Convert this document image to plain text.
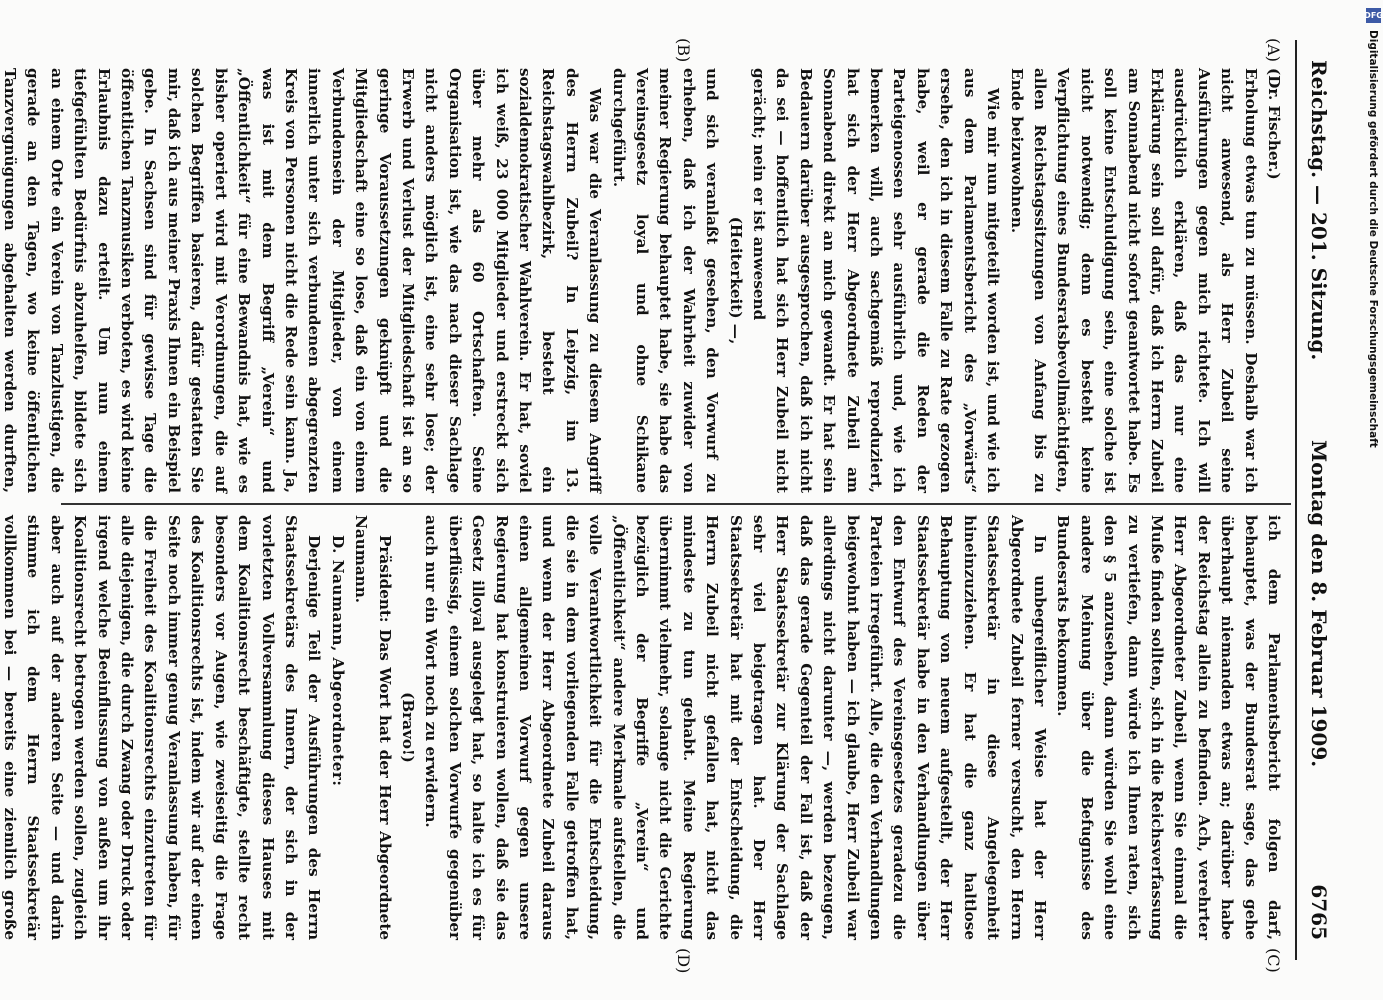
Reichstag. — 201. Sitzung.
Montag den 8. Februar 1909.
6765
(A)
(B)
(C)
(D)

(Dr. Fischer.)

Erholung etwas tun zu müssen. Deshalb war ich nicht anwesend, als Herr Zubeil seine Ausführungen gegen mich richtete. Ich will ausdrücklich erklären, daß das nur eine Erklärung sein soll dafür, daß ich Herrn Zubeil am Sonnabend nicht sofort geantwortet habe. Es soll keine Entschuldigung sein, eine solche ist nicht notwendig; denn es besteht keine Verpflichtung eines Bundesratsbevollmächtigten, allen Reichstagssitzungen von Anfang bis zu Ende beizuwohnen.

Wie mir nun mitgeteilt worden ist, und wie ich aus dem Parlamentsbericht des „Vorwärts“ ersehe, den ich in diesem Falle zu Rate gezogen habe, weil er gerade die Reden der Parteigenossen sehr ausführlich und, wie ich bemerken will, auch sachgemäß reproduziert, hat sich der Herr Abgeordnete Zubeil am Sonnabend direkt an mich gewandt. Er hat sein Bedauern darüber ausgesprochen, daß ich nicht da sei — hoffentlich hat sich Herr Zubeil nicht gerächt; nein er ist anwesend

(Heiterkeit) —,

und sich veranlaßt gesehen, den Vorwurf zu erheben, daß ich der Wahrheit zuwider von meiner Regierung behauptet habe, sie habe das Vereinsgesetz loyal und ohne Schikane durchgeführt.

Was war die Veranlassung zu diesem Angriff des Herrn Zubeil? In Leipzig, im 13. Reichstagswahlbezirk, besteht ein sozialdemokratischer Wahlverein. Er hat, soviel ich weiß, 23 000 Mitglieder und erstreckt sich über mehr als 60 Ortschaften. Seine Organisation ist, wie das nach dieser Sachlage nicht anders möglich ist, eine sehr lose; der Erwerb und Verlust der Mitgliedschaft ist an so geringe Voraussetzungen geknüpft und die Mitgliedschaft eine so lose, daß ein von einem Verbundensein der Mitglieder, von einem innerlich unter sich verbundenen abgegrenzten Kreis von Personen nicht die Rede sein kann. Ja, was ist mit dem Begriff „Verein“ und „Öffentlichkeit“ für eine Bewandnis hat, wie es bisher operiert wird mit Verordnungen, die auf solchen Begriffen basieren, dafür gestatten Sie mir, daß ich aus meiner Praxis Ihnen ein Beispiel gebe. In Sachsen sind für gewisse Tage die öffentlichen Tanzmusiken verboten, es wird keine Erlaubnis dazu erteilt. Um nun einem tiefgefühlten Bedürfnis abzuhelfen, bildete sich an einem Orte ein Verein von Tanzlustigen, die gerade an den Tagen, wo keine öffentlichen Tanzvergnügungen abgehalten werden durften,

ich dem Parlamentsbericht folgen darf, behauptet, was der Bundesrat sage, das gehe überhaupt niemanden etwas an; darüber habe der Reichstag allein zu befinden. Ach, verehrter Herr Abgeordneter Zubeil, wenn Sie einmal die Muße finden sollten, sich in die Reichsverfassung zu vertiefen, dann würde ich Ihnen raten, sich den § 5 anzusehen, dann würden Sie wohl eine andere Meinung über die Befugnisse des Bundesrats bekommen.

In unbegreiflicher Weise hat der Herr Abgeordnete Zubeil ferner versucht, den Herrn Staatssekretär in diese Angelegenheit hineinzuziehen. Er hat die ganz haltlose Behauptung von neuem aufgestellt, der Herr Staatssekretär habe in den Verhandlungen über den Entwurf des Vereinsgesetzes geradezu die Parteien irregeführt. Alle, die den Verhandlungen beigewohnt haben — ich glaube, Herr Zubeil war allerdings nicht darunter —, werden bezeugen, daß das gerade Gegenteil der Fall ist, daß der Herr Staatssekretär zur Klärung der Sachlage sehr viel beigetragen hat. Der Herr Staatssekretär hat mit der Entscheidung, die Herrn Zubeil nicht gefallen hat, nicht das mindeste zu tun gehabt. Meine Regierung übernimmt vielmehr, solange nicht die Gerichte bezüglich der Begriffe „Verein“ und „Öffentlichkeit“ andere Merkmale aufstellen, die volle Verantwortlichkeit für die Entscheidung, die sie in dem vorliegenden Falle getroffen hat, und wenn der Herr Abgeordnete Zubeil daraus einen allgemeinen Vorwurf gegen unsere Regierung hat konstruieren wollen, daß sie das Gesetz illoyal ausgelegt hat, so halte ich es für überflüssig, einem solchen Vorwurfe gegenüber auch nur ein Wort noch zu erwidern.

(Bravo!)

Präsident: Das Wort hat der Herr Abgeordnete Naumann.

D. Naumann, Abgeordneter:

Derjenige Teil der Ausführungen des Herrn Staatssekretärs des Innern, der sich in der vorletzten Vollversammlung dieses Hauses mit dem Koalitionsrecht beschäftigte, stellte recht besonders vor Augen, wie zweiseitig die Frage des Koalitionsrechts ist, indem wir auf der einen Seite noch immer genug Veranlassung haben, für die Freiheit des Koalitionsrechts einzutreten für alle diejenigen, die durch Zwang oder Druck oder irgend welche Beeinflussung von außen um ihr Koalitionsrecht betrogen werden sollen, zugleich aber auch auf der anderen Seite — und darin stimme ich dem Herrn Staatssekretär vollkommen bei — bereits eine ziemlich große

DFG
Digitalisierung gefördert durch die Deutsche Forschungsgemeinschaft
